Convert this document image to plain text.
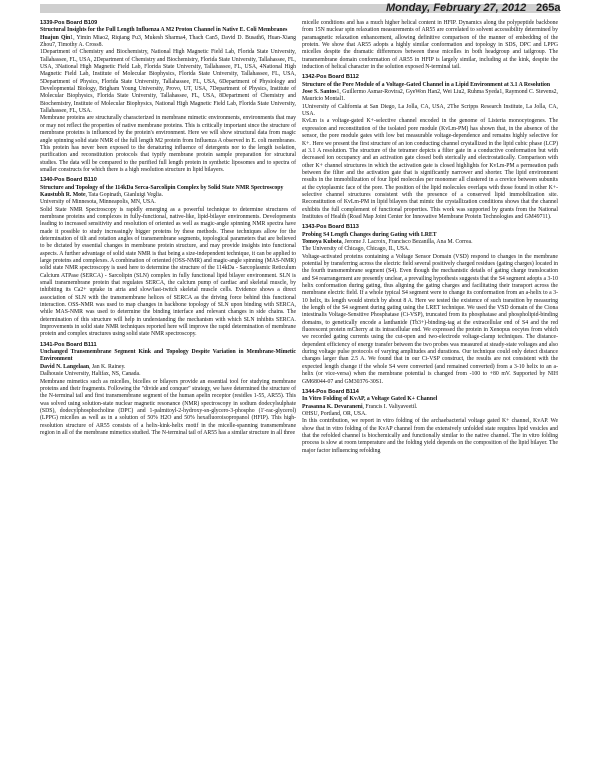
Monday, February 27, 2012 265a
1339-Pos Board B109
Structural Insights for the Full Length Influenza A M2 Proton Channel in Native E. Coli Membranes
Huajun Qin1, Yimin Miao2, Riqiang Fu3, Mukesh Sharma4, Thach Can5, David D. Busath6, Huan-Xiang Zhou7, Timothy A. Cross8.
1Department of Chemistry and Biochemistry, National High Magnetic Field Lab, Florida State University, Tallahassee, FL, USA, 2Department of Chemistry and Biochemistry, Florida State University, Tallahassee, FL, USA, 3National High Magnetic Field Lab, Florida State University, Tallahassee, FL, USA, 4National High Magnetic Field Lab, Institute of Molecular Biophysics, Florida State University, Tallahassee, FL, USA, 5Department of Physics, Florida State University, Tallahassee, FL, USA, 6Department of Physiology and Developmental Biology, Brigham Young University, Provo, UT, USA, 7Department of Physics, Institute of Molecular Biophysics, Florida State University, Tallahassee, FL, USA, 8Department of Chemistry and Biochemistry, Institute of Molecular Biophysics, National High Magnetic Field Lab, Florida State University, Tallahassee, FL, USA.
Membrane proteins are structurally characterized in membrane mimetic environments, environments that may or may not reflect the properties of native membrane proteins. This is critically important since the structure of membrane proteins is influenced by the protein's environment. Here we will show structural data from magic angle spinning solid state NMR of the full length M2 protein from Influenza A observed in E. coli membranes. This protein has never been exposed to the denaturing influence of detergents nor to the length isolation, purification and reconstitution protocols that typify membrane protein sample preparation for structural studies. The data will be compared to the purified full length protein in synthetic liposomes and to spectra of smaller constructs for which there is a high resolution structure in lipid bilayers.
1340-Pos Board B110
Structure and Topology of the 114kDa Serca-Sarcolipin Complex by Solid State NMR Spectroscopy
Kaustubh R. Mote, Tata Gopinath, Gianluigi Veglia.
University of Minnesota, Minneapolis, MN, USA.
Solid State NMR Spectroscopy is rapidly emerging as a powerful technique to determine structures of membrane proteins and complexes in fully-functional, native-like, lipid-bilayer environments. Developments leading to increased sensitivity and resolution of oriented as well as magic-angle spinning NMR spectra have made it possible to study increasingly bigger proteins by these methods. These techniques allow for the determination of tilt and rotation angles of transmembrane segments, topological parameters that are believed to be dictated by essential changes in membrane protein structure, and may provide insights into functional aspects. A further advantage of solid state NMR is that being a size-independent technique, it can be applied to large proteins and complexes. A combination of oriented (OSS-NMR) and magic-angle spinning (MAS-NMR) solid state NMR spectroscopy is used here to determine the structure of the 114kDa - Sarcoplasmic Reticulum Calcium ATPase (SERCA) - Sarcolipin (SLN) complex in fully functional lipid bilayer environment. SLN is small transmembrane protein that regulates SERCA, the calcium pump of cardiac and skeletal muscle, by inhibiting its Ca2+ uptake in atria and slow/fast-twitch skeletal muscle cells. Evidence shows a direct association of SLN with the transmembrane helices of SERCA as the driving force behind this functional interaction. OSS-NMR was used to map changes in backbone topology of SLN upon binding with SERCA, while MAS-NMR was used to determine the binding interface and relevant changes in side chains. The determination of this structure will help in understanding the mechanism with which SLN inhibits SERCA. Improvements in solid state NMR techniques reported here will improve the rapid determination of membrane protein and complex structures using solid state NMR spectroscopy.
1341-Pos Board B111
Unchanged Transmembrane Segment Kink and Topology Despite Variation in Membrane-Mimetic Environment
David N. Langelaan, Jan K. Rainey.
Dalhousie University, Halifax, NS, Canada.
Membrane mimetics such as micelles, bicelles or bilayers provide an essential tool for studying membrane proteins and their fragments. Following the "divide and conquer" strategy, we have determined the structure of the N-terminal tail and first transmembrane segment of the human apelin receptor (residles 1-55, AR55). This was solved using solution-state nuclear magnetic resonance (NMR) spectroscopy in sodium dodecylsulphate (SDS), dodecylphosphocholine (DPC) and 1-palmitoyl-2-hydroxy-sn-glycero-3-phospho (1'-rac-glycerol) (LPPG) micelles as well as in a solution of 50% H2O and 50% hexafluoroisopropanol (HFIP). This high-resolution structure of AR55 consists of a helix-kink-helix motif in the micelle-spanning transmembrane region in all of the membrane mimetics studied. The N-terminal tail of AR55 has a similar structure in all three
micelle conditions and has a much higher helical content in HFIP. Dynamics along the polypeptide backbone from 15N nuclear spin relaxation measurements of AR55 are correlated to solvent accessibility determined by paramagnetic relaxation enhancement, allowing definitive comparison of the manner of embedding of the protein. We show that AR55 adopts a highly similar conformation and topology in SDS, DPC and LPPG micelles despite the dramatic differences between these micelles in both headgroup and tailgroup. The transmembrane domain conformation of AR55 in HFIP is largely similar, including at the kink, despite the induction of helical character in the solution exposed N-terminal tail.
1342-Pos Board B112
Structure of the Pore Module of a Voltage-Gated Channel in a Lipid Environment at 3.1 A Resolution
Jose S. Santos1, Guillermo Asmar-Rovira2, GyeWon Han2, Wei Liu2, Ruhma Syeda1, Raymond C. Stevens2, Mauricio Montal1.
1University of California at San Diego, La Jolla, CA, USA, 2The Scripps Research Institute, La Jolla, CA, USA.
KvLm is a voltage-gated K+-selective channel encoded in the genome of Listeria monocytogenes. The expression and reconstitution of the isolated pore module (KvLm-PM) has shown that, in the absence of the sensor, the pore module gates with low but measurable voltage-dependence and remains highly selective for K+. Here we present the first structure of an ion conducting channel crystallized in the lipid cubic phase (LCP) at 3.1 A resolution. The structure of the tetramer depicts a filter gate in a conductive conformation but with decreased ion occupancy and an activation gate closed both sterically and electrostatically. Comparison with other K+ channel structures in which the activation gate is closed highlights for KvLm-PM a permeation path between the filter and the activation gate that is significantly narrower and shorter. The lipid environment results in the immobilization of four lipid molecules per monomer all clustered in a crevice between subunits at the cytoplasmic face of the pore. The position of the lipid molecules overlaps with those found in other K+-selective channel structures consistent with the presence of a conserved lipid immobilization site. Reconstitution of KvLm-PM in lipid bilayers that mimic the crystallization conditions shows that the channel exhibits the full complement of functional properties. This work was supported by grants from the National Institutes of Health (Road Map Joint Center for Innovative Membrane Protein Technologies and GM49711).
1343-Pos Board B113
Probing S4 Length Changes during Gating with LRET
Tomoya Kubota, Jerome J. Lacroix, Francisco Bezanilla, Ana M. Correa.
The University of Chicago, Chicago, IL, USA.
Voltage-activated proteins containing a Voltage Sensor Domain (VSD) respond to changes in the membrane potential by transferring across the electric field several positively charged residues (gating charges) located in the fourth transmembrane segment (S4). Even though the mechanistic details of gating charge translocation and S4 rearrangement are presently unclear, a prevailing hypothesis suggests that the S4 segment adopts a 3-10 helix conformation during gating, thus aligning the gating charges and facilitating their transport across the membrane electric field. If a whole typical S4 segment were to change its conformation from an a-helix to a 3-10 helix, its length would stretch by about 8 A. Here we tested the existence of such transition by measuring the length of the S4 segment during gating using the LRET technique. We used the VSD domain of the Ciona intestinalis Voltage-Sensitive Phosphatase (Ci-VSP), truncated from its phosphatase and phospholipid-binding domains, to genetically encode a lanthanide (Tb3+)-binding-tag at the extracellular end of S4 and the red fluorescent protein mCherry at its intracellular end. We expressed the protein in Xenopus oocytes from which we recorded gating currents using the cut-open and two-electrode voltage-clamp techniques. The distance-dependent efficiency of energy transfer between the two probes was measured at steady-state voltages and also during voltage pulse protocols of varying amplitudes and durations. Our technique could only detect distance changes larger than 2.5 A. We found that in our Ci-VSP construct, the results are not consistent with the expected length change if the whole S4 were converted (and remained converted) from a 3-10 helix to an a-helix (or vice-versa) when the membrane potential is changed from -100 to +80 mV. Supported by NIH GM68044-07 and GM30376-30S1.
1344-Pos Board B114
In Vitro Folding of KvAP, a Voltage Gated K+ Channel
Prasanna K. Devaraneni, Francis I. Valiyaveetil.
OHSU, Portland, OR, USA.
In this contribution, we report in vitro folding of the archaebacterial voltage gated K+ channel, KvAP. We show that in vitro folding of the KvAP channel from the extensively unfolded state requires lipid vesicles and that the refolded channel is biochemically and functionally similar to the native channel. The in vitro folding process is slow at room temperature and the folding yield depends on the composition of the lipid bilayer. The major factor influencing refolding
